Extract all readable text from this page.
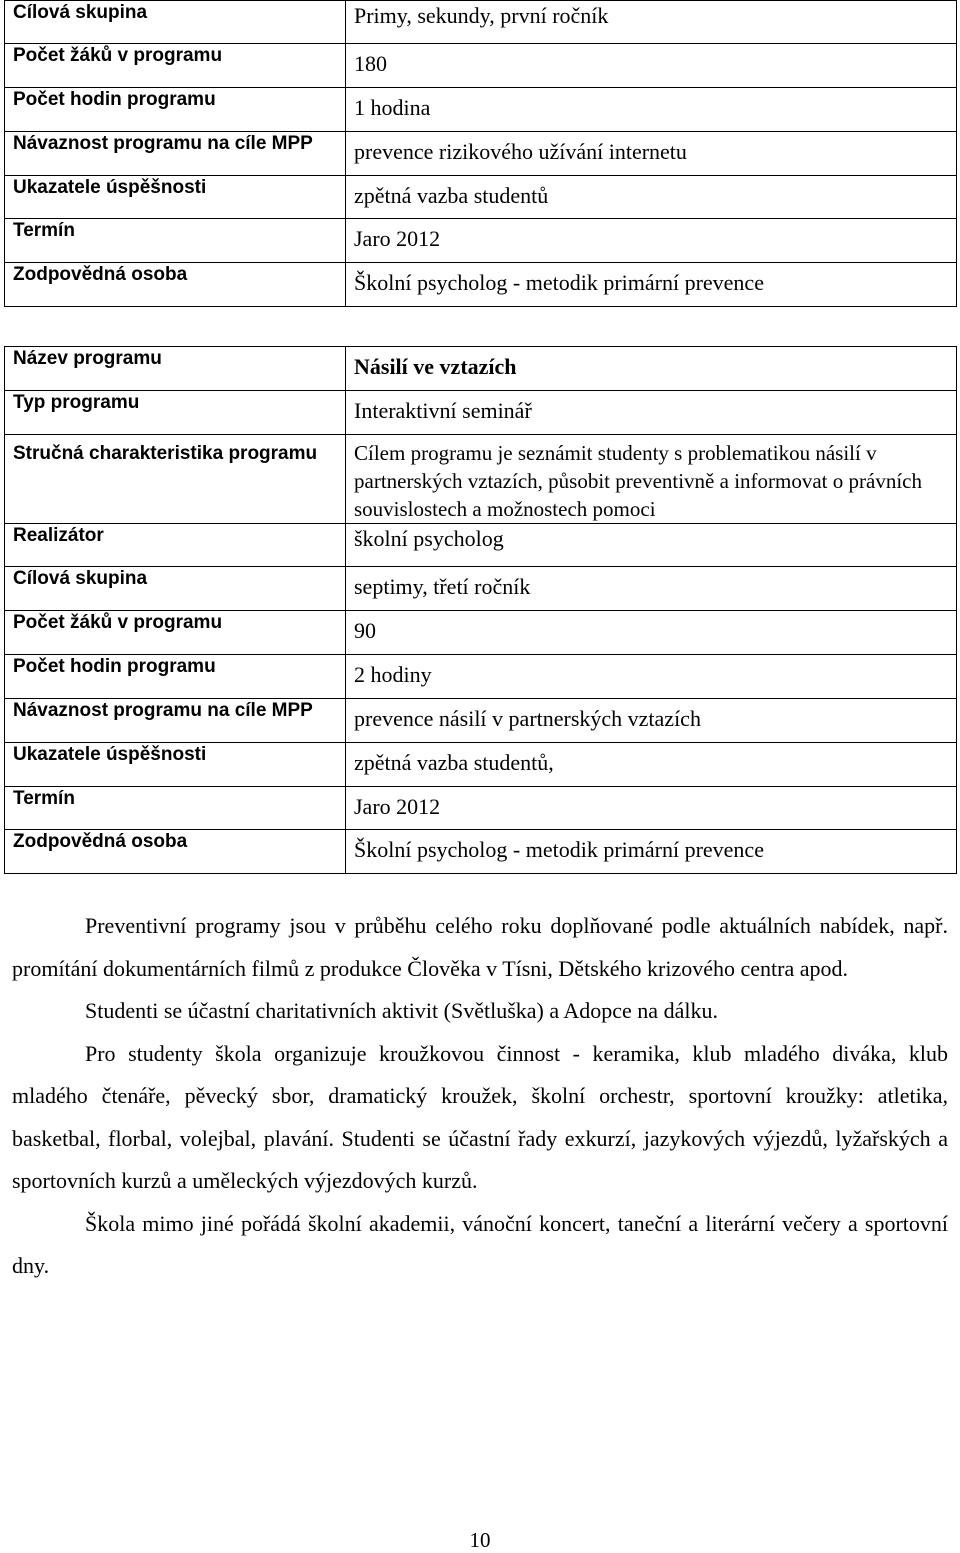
Cílová skupina	Primy, sekundy, první ročník
Počet žáků v programu	180
Počet hodin programu	1 hodina
Návaznost programu na cíle MPP	prevence rizikového užívání internetu
Ukazatele úspěšnosti	zpětná vazba studentů
Termín	Jaro 2012
Zodpovědná osoba	Školní psycholog - metodik primární prevence
Název programu	Násilí ve vztazích
Typ programu	Interaktivní seminář
Stručná charakteristika programu	Cílem programu je seznámit studenty s problematikou násilí v partnerských vztazích, působit preventivně a informovat o právních souvislostech a možnostech pomoci
Realizátor	školní psycholog
Cílová skupina	septimy, třetí ročník
Počet žáků v programu	90
Počet hodin programu	2 hodiny
Návaznost programu na cíle MPP	prevence násilí v partnerských vztazích
Ukazatele úspěšnosti	zpětná vazba studentů,
Termín	Jaro 2012
Zodpovědná osoba	Školní psycholog - metodik primární prevence

Preventivní programy jsou v průběhu celého roku doplňované podle aktuálních nabídek, např. promítání dokumentárních filmů z produkce Člověka v Tísni, Dětského krizového centra apod.

Studenti se účastní charitativních aktivit (Světluška) a Adopce na dálku.

Pro studenty škola organizuje kroužkovou činnost - keramika, klub mladého diváka, klub mladého čtenáře, pěvecký sbor, dramatický kroužek, školní orchestr, sportovní kroužky: atletika, basketbal, florbal, volejbal, plavání. Studenti se účastní řady exkurzí, jazykových výjezdů, lyžařských a sportovních kurzů a uměleckých výjezdových kurzů.

Škola mimo jiné pořádá školní akademii, vánoční koncert, taneční a literární večery a sportovní dny.

10
